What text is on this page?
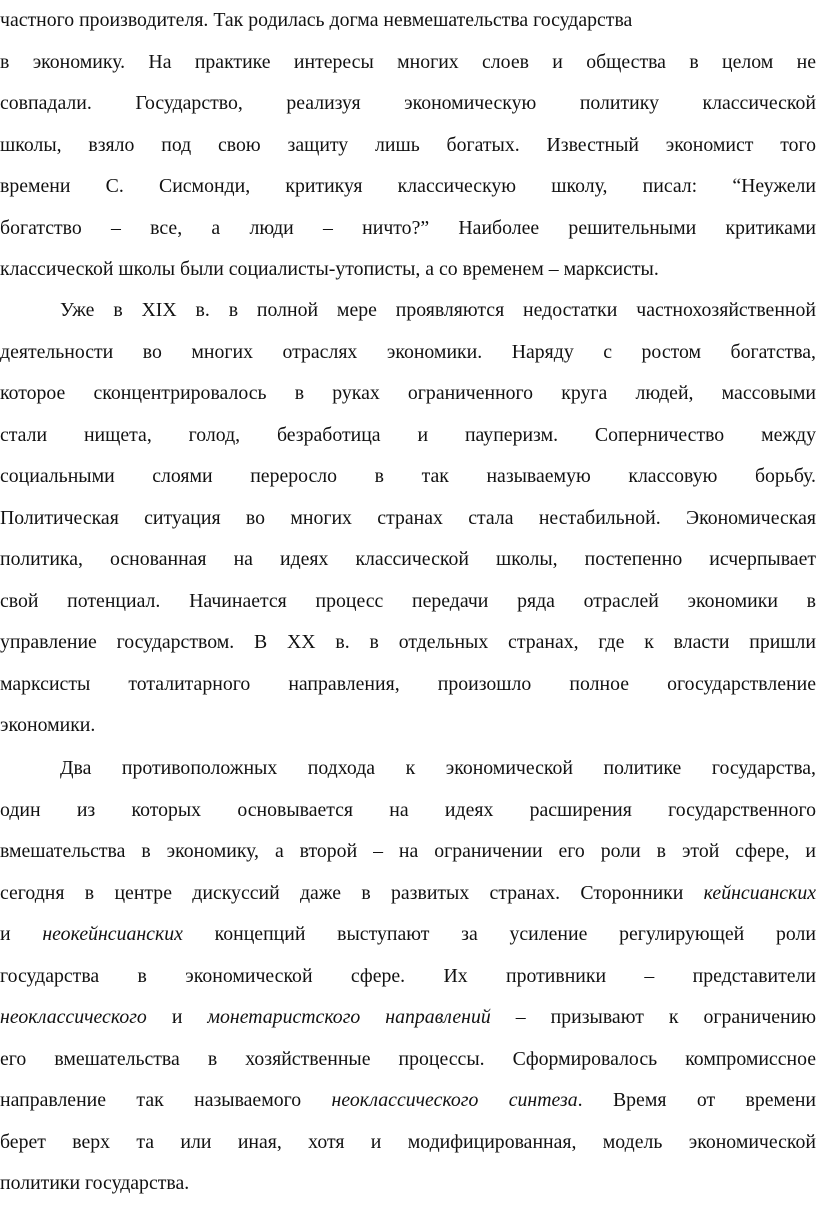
частного производителя. Так родилась догма невмешательства государства
в экономику. На практике интересы многих слоев и общества в целом не
совпадали. Государство, реализуя экономическую политику классической
школы, взяло под свою защиту лишь богатых. Известный экономист того
времени С. Сисмонди, критикуя классическую школу, писал: “Неужели
богатство – все, а люди – ничто?” Наиболее решительными критиками
классической школы были социалисты-утописты, а со временем – марксисты.
Уже в XIX в. в полной мере проявляются недостатки частнохозяйственной
деятельности во многих отраслях экономики. Наряду с ростом богатства,
которое сконцентрировалось в руках ограниченного круга людей, массовыми
стали нищета, голод, безработица и пауперизм. Соперничество между
социальными слоями переросло в так называемую классовую борьбу.
Политическая ситуация во многих странах стала нестабильной. Экономическая
политика, основанная на идеях классической школы, постепенно исчерпывает
свой потенциал. Начинается процесс передачи ряда отраслей экономики в
управление государством. В XX в. в отдельных странах, где к власти пришли
марксисты тоталитарного направления, произошло полное огосударствление
экономики.
Два противоположных подхода к экономической политике государства,
один из которых основывается на идеях расширения государственного
вмешательства в экономику, а второй – на ограничении его роли в этой сфере, и
сегодня в центре дискуссий даже в развитых странах. Сторонники кейнсианских
и неокейнсианских концепций выступают за усиление регулирующей роли
государства в экономической сфере. Их противники – представители
неоклассического и монетаристского направлений – призывают к ограничению
его вмешательства в хозяйственные процессы. Сформировалось компромиссное
направление так называемого неоклассического синтеза. Время от времени
берет верх та или иная, хотя и модифицированная, модель экономической
политики государства.
